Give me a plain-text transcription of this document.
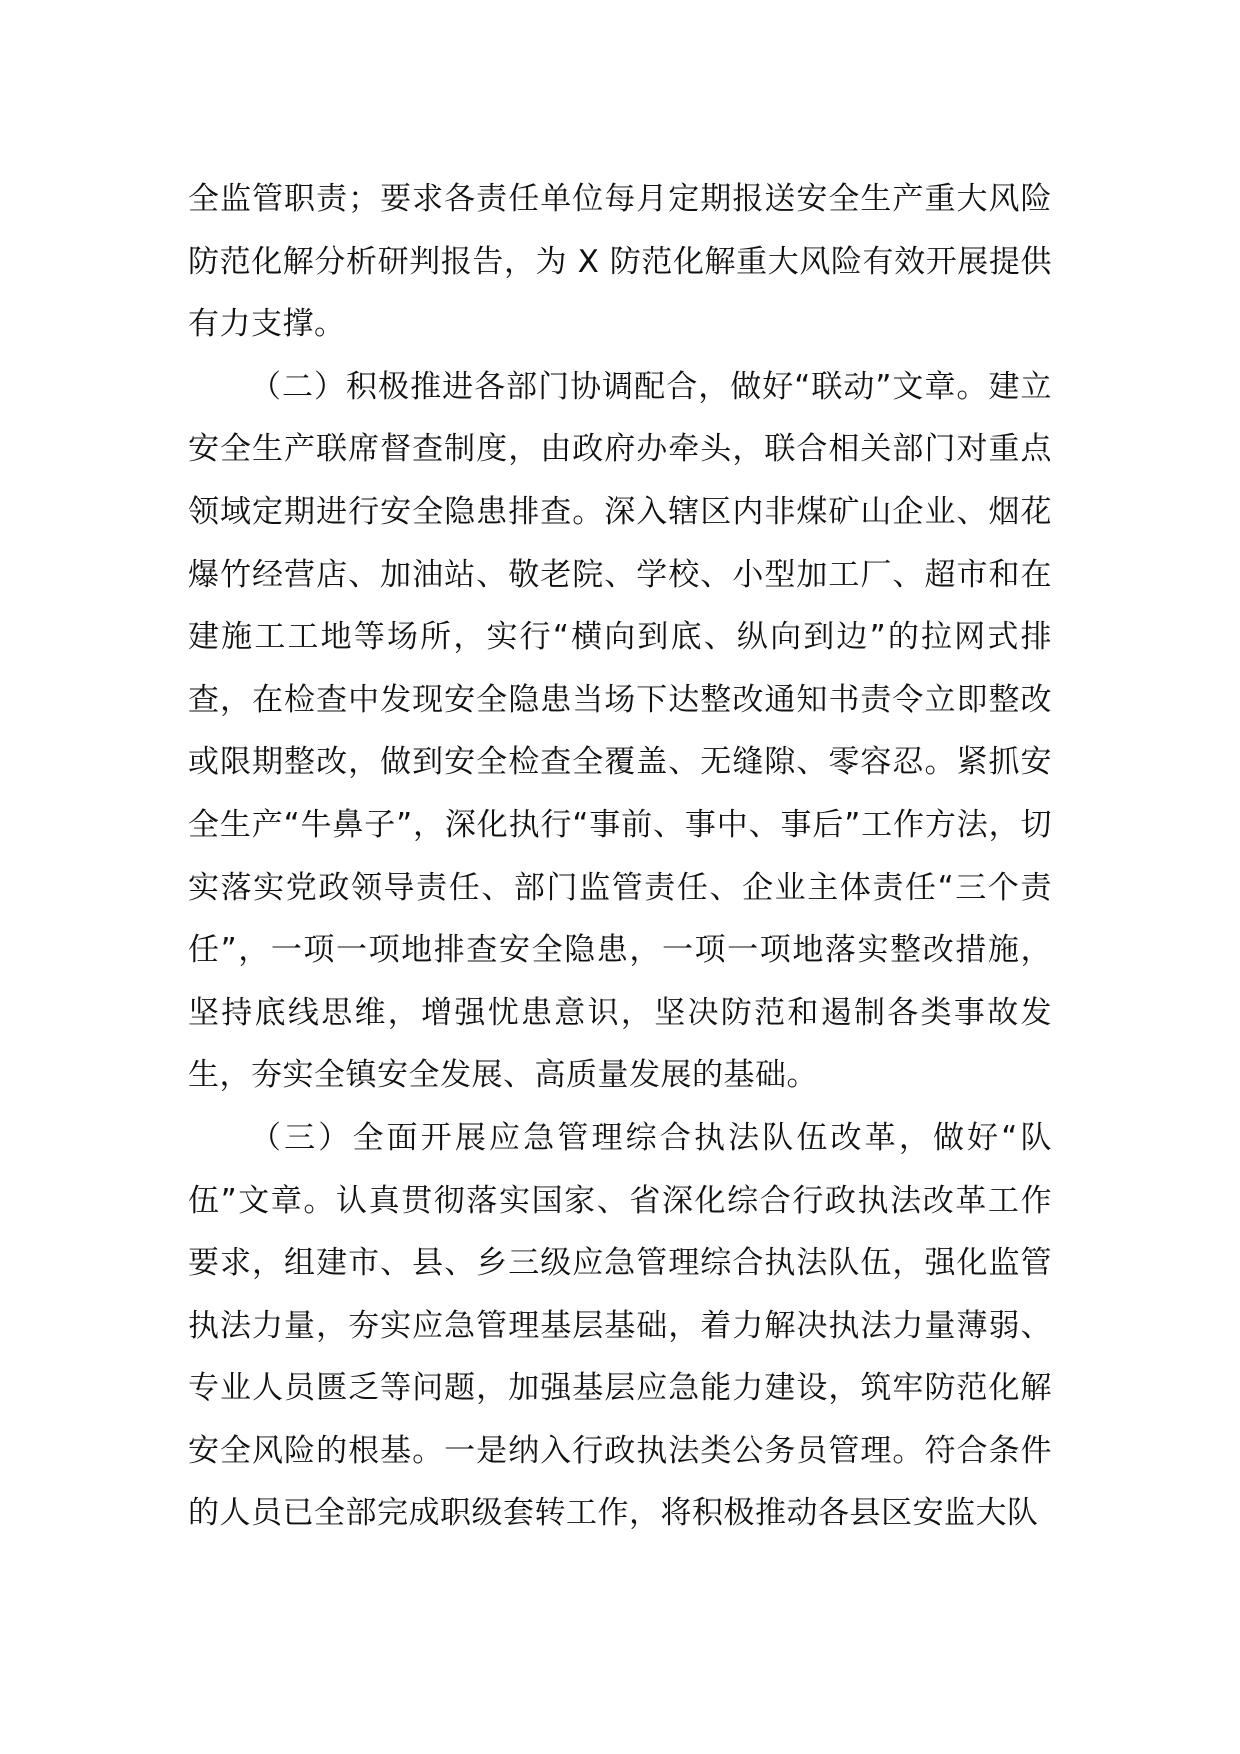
全监管职责；要求各责任单位每月定期报送安全生产重大风险防范化解分析研判报告，为 X 防范化解重大风险有效开展提供有力支撑。

（二）积极推进各部门协调配合，做好“联动”文章。建立安全生产联席督查制度，由政府办牵头，联合相关部门对重点领域定期进行安全隐患排查。深入辖区内非煤矿山企业、烟花爆竹经营店、加油站、敬老院、学校、小型加工厂、超市和在建施工工地等场所，实行“横向到底、纵向到边”的拉网式排查，在检查中发现安全隐患当场下达整改通知书责令立即整改或限期整改，做到安全检查全覆盖、无缝隙、零容忍。紧抓安全生产“牛鼻子”，深化执行“事前、事中、事后”工作方法，切实落实党政领导责任、部门监管责任、企业主体责任“三个责任”，一项一项地排查安全隐患，一项一项地落实整改措施，坚持底线思维，增强忧患意识，坚决防范和遏制各类事故发生，夯实全镇安全发展、高质量发展的基础。

（三）全面开展应急管理综合执法队伍改革，做好“队伍”文章。认真贯彻落实国家、省深化综合行政执法改革工作要求，组建市、县、乡三级应急管理综合执法队伍，强化监管执法力量，夯实应急管理基层基础，着力解决执法力量薄弱、专业人员匮乏等问题，加强基层应急能力建设，筑牢防范化解安全风险的根基。一是纳入行政执法类公务员管理。符合条件的人员已全部完成职级套转工作，将积极推动各县区安监大队
